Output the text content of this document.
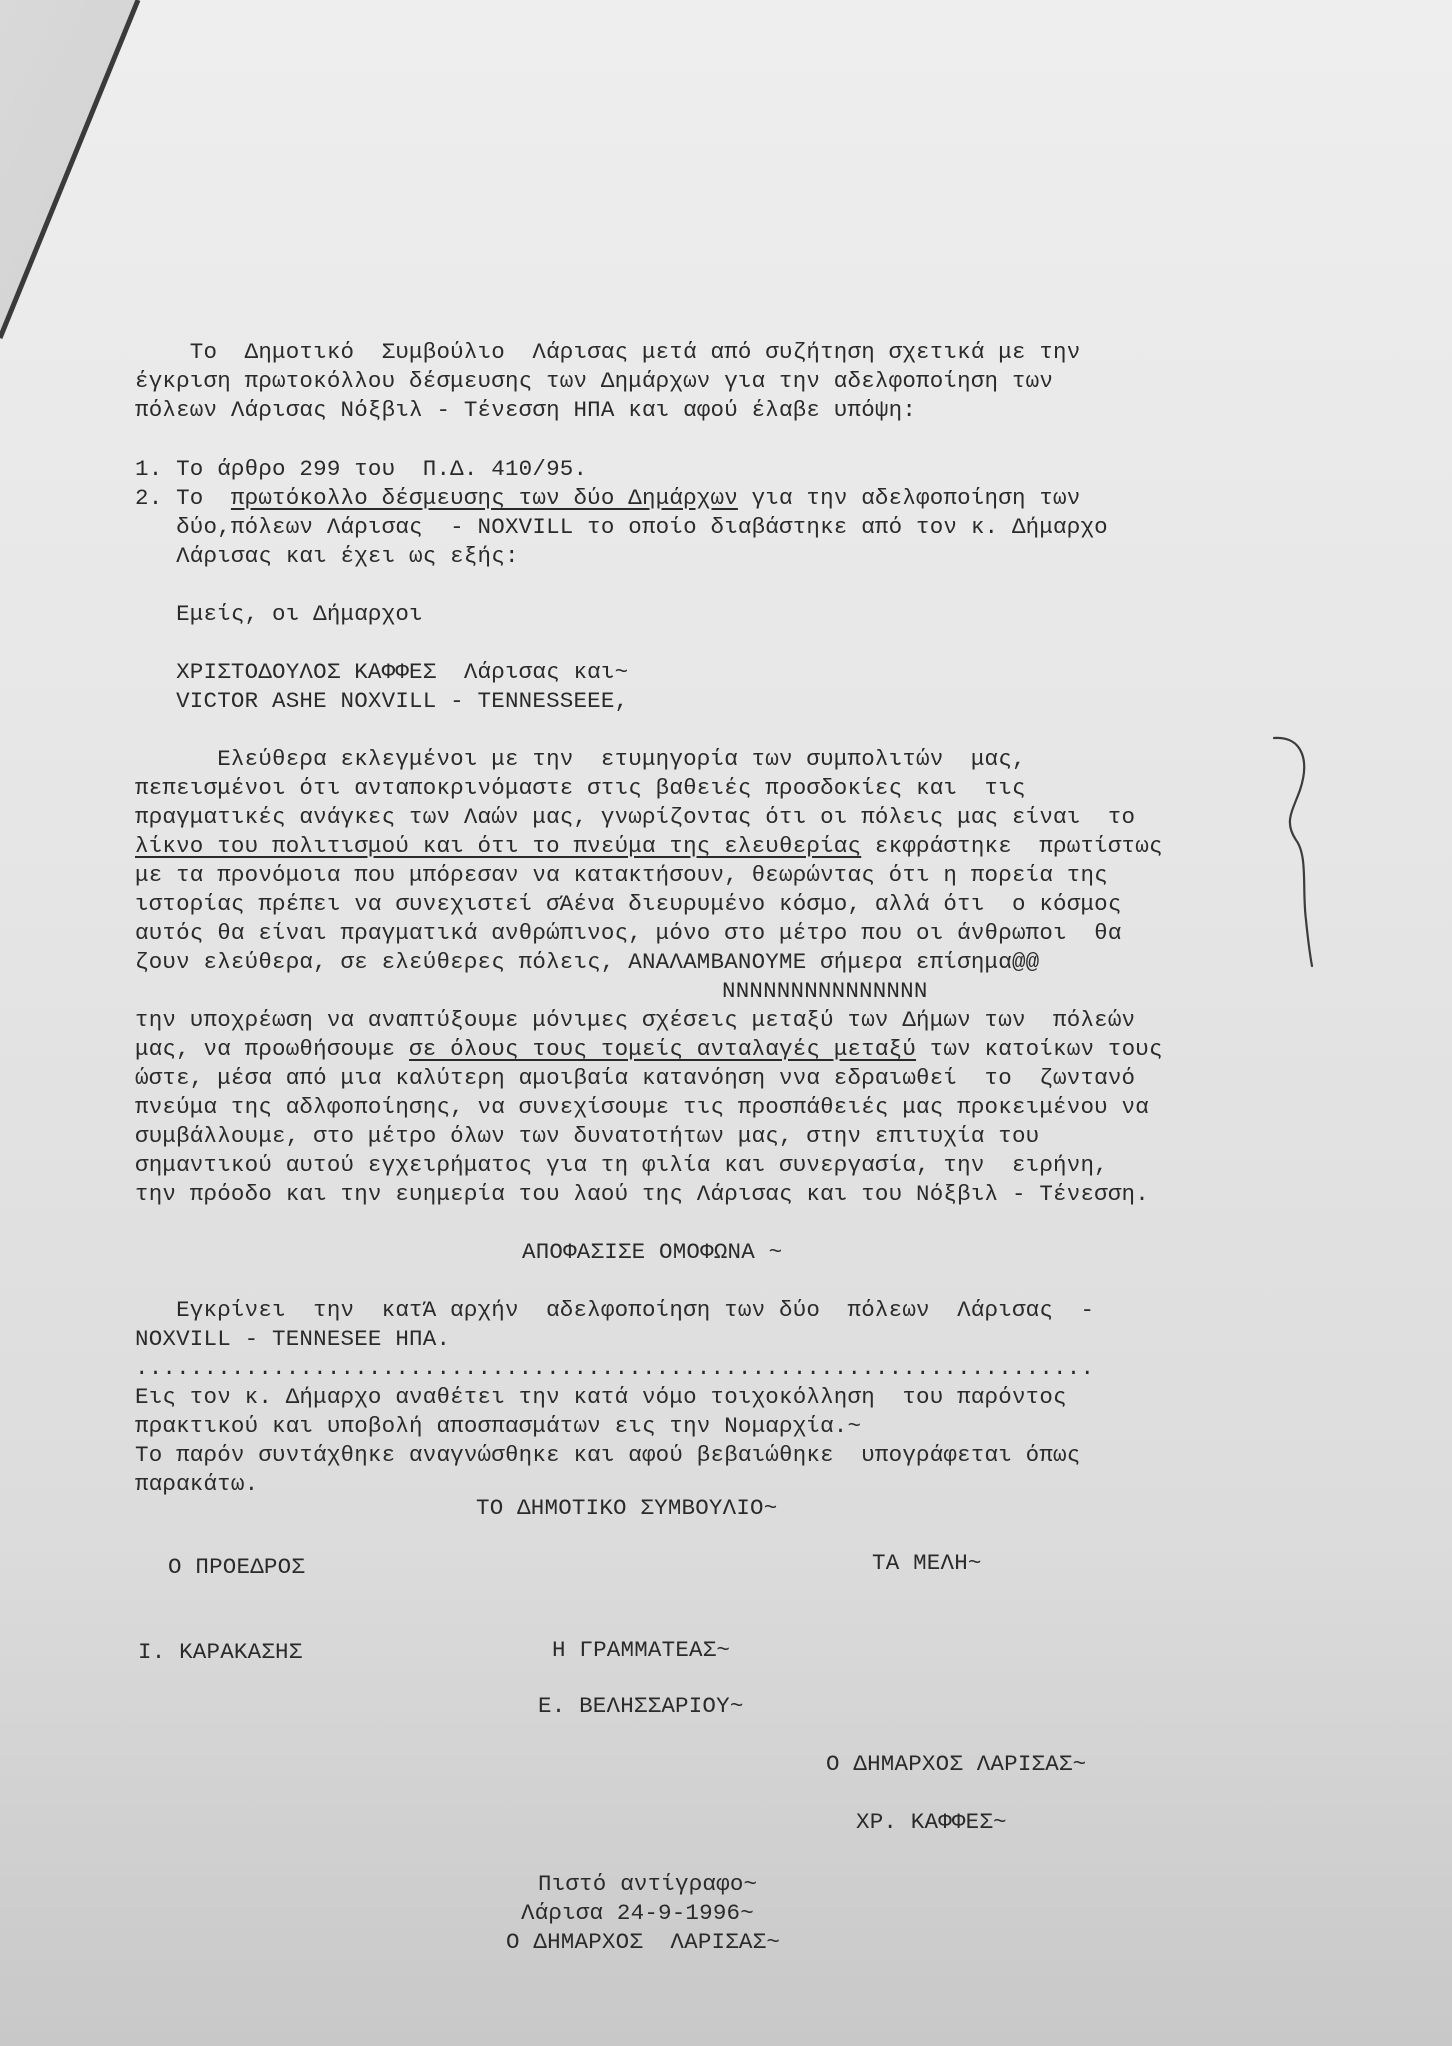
Το  Δημοτικό  Συμβούλιο  Λάρισας μετά από συζήτηση σχετικά με την
έγκριση πρωτοκόλλου δέσμευσης των Δημάρχων για την αδελφοποίηση των
πόλεων Λάρισας Νόξβιλ - Τένεσση ΗΠΑ και αφού έλαβε υπόψη:
1. Το άρθρο 299 του  Π.Δ. 410/95.
2. Το  πρωτόκολλο δέσμευσης των δύο Δημάρχων για την αδελφοποίηση των
δύο,πόλεων Λάρισας  - NOXVILL το οποίο διαβάστηκε από τον κ. Δήμαρχο
Λάρισας και έχει ως εξής:
Εμείς, οι Δήμαρχοι
ΧΡΙΣΤΟΔΟΥΛΟΣ ΚΑΦΦΕΣ  Λάρισας και~
VICTOR ASHE NOXVILL - TENNESSEEE,
Ελεύθερα εκλεγμένοι με την  ετυμηγορία των συμπολιτών  μας,
πεπεισμένοι ότι ανταποκρινόμαστε στις βαθειές προσδοκίες και  τις
πραγματικές ανάγκες των Λαών μας, γνωρίζοντας ότι οι πόλεις μας είναι  το
λίκνο του πολιτισμού και ότι το πνεύμα της ελευθερίας εκφράστηκε  πρωτίστως
με τα προνόμοια που μπόρεσαν να κατακτήσουν, θεωρώντας ότι η πορεία της
ιστορίας πρέπει να συνεχιστεί σΆένα διευρυμένο κόσμο, αλλά ότι  ο κόσμος
αυτός θα είναι πραγματικά ανθρώπινος, μόνο στο μέτρο που οι άνθρωποι  θα
ζουν ελεύθερα, σε ελεύθερες πόλεις, ΑΝΑΛΑΜΒΑΝΟΥΜΕ σήμερα επίσημα@@
NNNNNNNNNNNNNNN
την υποχρέωση να αναπτύξουμε μόνιμες σχέσεις μεταξύ των Δήμων των  πόλεών
μας, να προωθήσουμε σε όλους τους τομείς ανταλαγές μεταξύ των κατοίκων τους
ώστε, μέσα από μια καλύτερη αμοιβαία κατανόηση ννα εδραιωθεί  το  ζωντανό
πνεύμα της αδλφοποίησης, να συνεχίσουμε τις προσπάθειές μας προκειμένου να
συμβάλλουμε, στο μέτρο όλων των δυνατοτήτων μας, στην επιτυχία του
σημαντικού αυτού εγχειρήματος για τη φιλία και συνεργασία, την  ειρήνη,
την πρόοδο και την ευημερία του λαού της Λάρισας και του Νόξβιλ - Τένεσση.
ΑΠΟΦΑΣΙΣΕ ΟΜΟΦΩΝΑ ~
Εγκρίνει  την  κατΆ αρχήν  αδελφοποίηση των δύο  πόλεων  Λάρισας  -
NOXVILL - TENNESEE ΗΠΑ.
......................................................................
Εις τον κ. Δήμαρχο αναθέτει την κατά νόμο τοιχοκόλληση  του παρόντος
πρακτικού και υποβολή αποσπασμάτων εις την Νομαρχία.~
Το παρόν συντάχθηκε αναγνώσθηκε και αφού βεβαιώθηκε  υπογράφεται όπως
παρακάτω.
ΤΟ ΔΗΜΟΤΙΚΟ ΣΥΜΒΟΥΛΙΟ~
Ο ΠΡΟΕΔΡΟΣ	ΤΑ ΜΕΛΗ~
Ι. ΚΑΡΑΚΑΣΗΣ	Η ΓΡΑΜΜΑΤΕΑΣ~
Ε. ΒΕΛΗΣΣΑΡΙΟΥ~
Ο ΔΗΜΑΡΧΟΣ ΛΑΡΙΣΑΣ~
ΧΡ. ΚΑΦΦΕΣ~
Πιστό αντίγραφο~
Λάρισα 24-9-1996~
Ο ΔΗΜΑΡΧΟΣ  ΛΑΡΙΣΑΣ~
